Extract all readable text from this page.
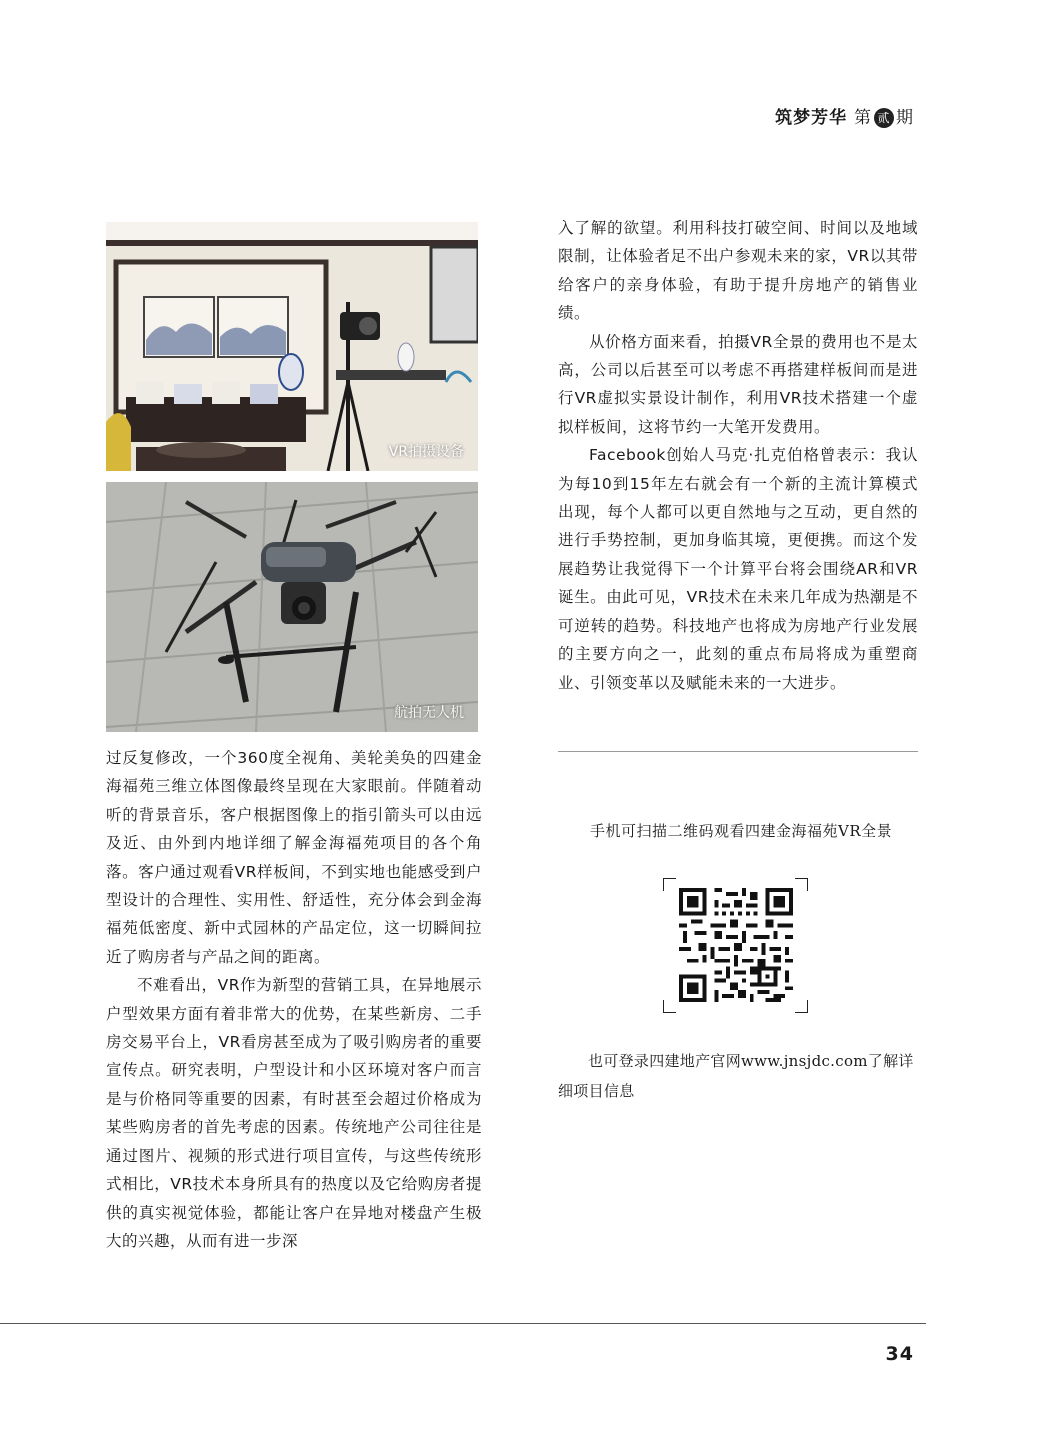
筑梦芳华 第 贰 期
VR拍摄设备
航拍无人机

过反复修改，一个360度全视角、美轮美奂的四建金海福苑三维立体图像最终呈现在大家眼前。伴随着动听的背景音乐，客户根据图像上的指引箭头可以由远及近、由外到内地详细了解金海福苑项目的各个角落。客户通过观看VR样板间，不到实地也能感受到户型设计的合理性、实用性、舒适性，充分体会到金海福苑低密度、新中式园林的产品定位，这一切瞬间拉近了购房者与产品之间的距离。

不难看出，VR作为新型的营销工具，在异地展示户型效果方面有着非常大的优势，在某些新房、二手房交易平台上，VR看房甚至成为了吸引购房者的重要宣传点。研究表明，户型设计和小区环境对客户而言是与价格同等重要的因素，有时甚至会超过价格成为某些购房者的首先考虑的因素。传统地产公司往往是通过图片、视频的形式进行项目宣传，与这些传统形式相比，VR技术本身所具有的热度以及它给购房者提供的真实视觉体验，都能让客户在异地对楼盘产生极大的兴趣，从而有进一步深

入了解的欲望。利用科技打破空间、时间以及地域限制，让体验者足不出户参观未来的家，VR以其带给客户的亲身体验，有助于提升房地产的销售业绩。

从价格方面来看，拍摄VR全景的费用也不是太高，公司以后甚至可以考虑不再搭建样板间而是进行VR虚拟实景设计制作，利用VR技术搭建一个虚拟样板间，这将节约一大笔开发费用。

Facebook创始人马克·扎克伯格曾表示：我认为每10到15年左右就会有一个新的主流计算模式出现，每个人都可以更自然地与之互动，更自然的进行手势控制，更加身临其境，更便携。而这个发展趋势让我觉得下一个计算平台将会围绕AR和VR诞生。由此可见，VR技术在未来几年成为热潮是不可逆转的趋势。科技地产也将成为房地产行业发展的主要方向之一，此刻的重点布局将成为重塑商业、引领变革以及赋能未来的一大进步。

手机可扫描二维码观看四建金海福苑VR全景
也可登录四建地产官网www.jnsjdc.com了解详细项目信息
34
